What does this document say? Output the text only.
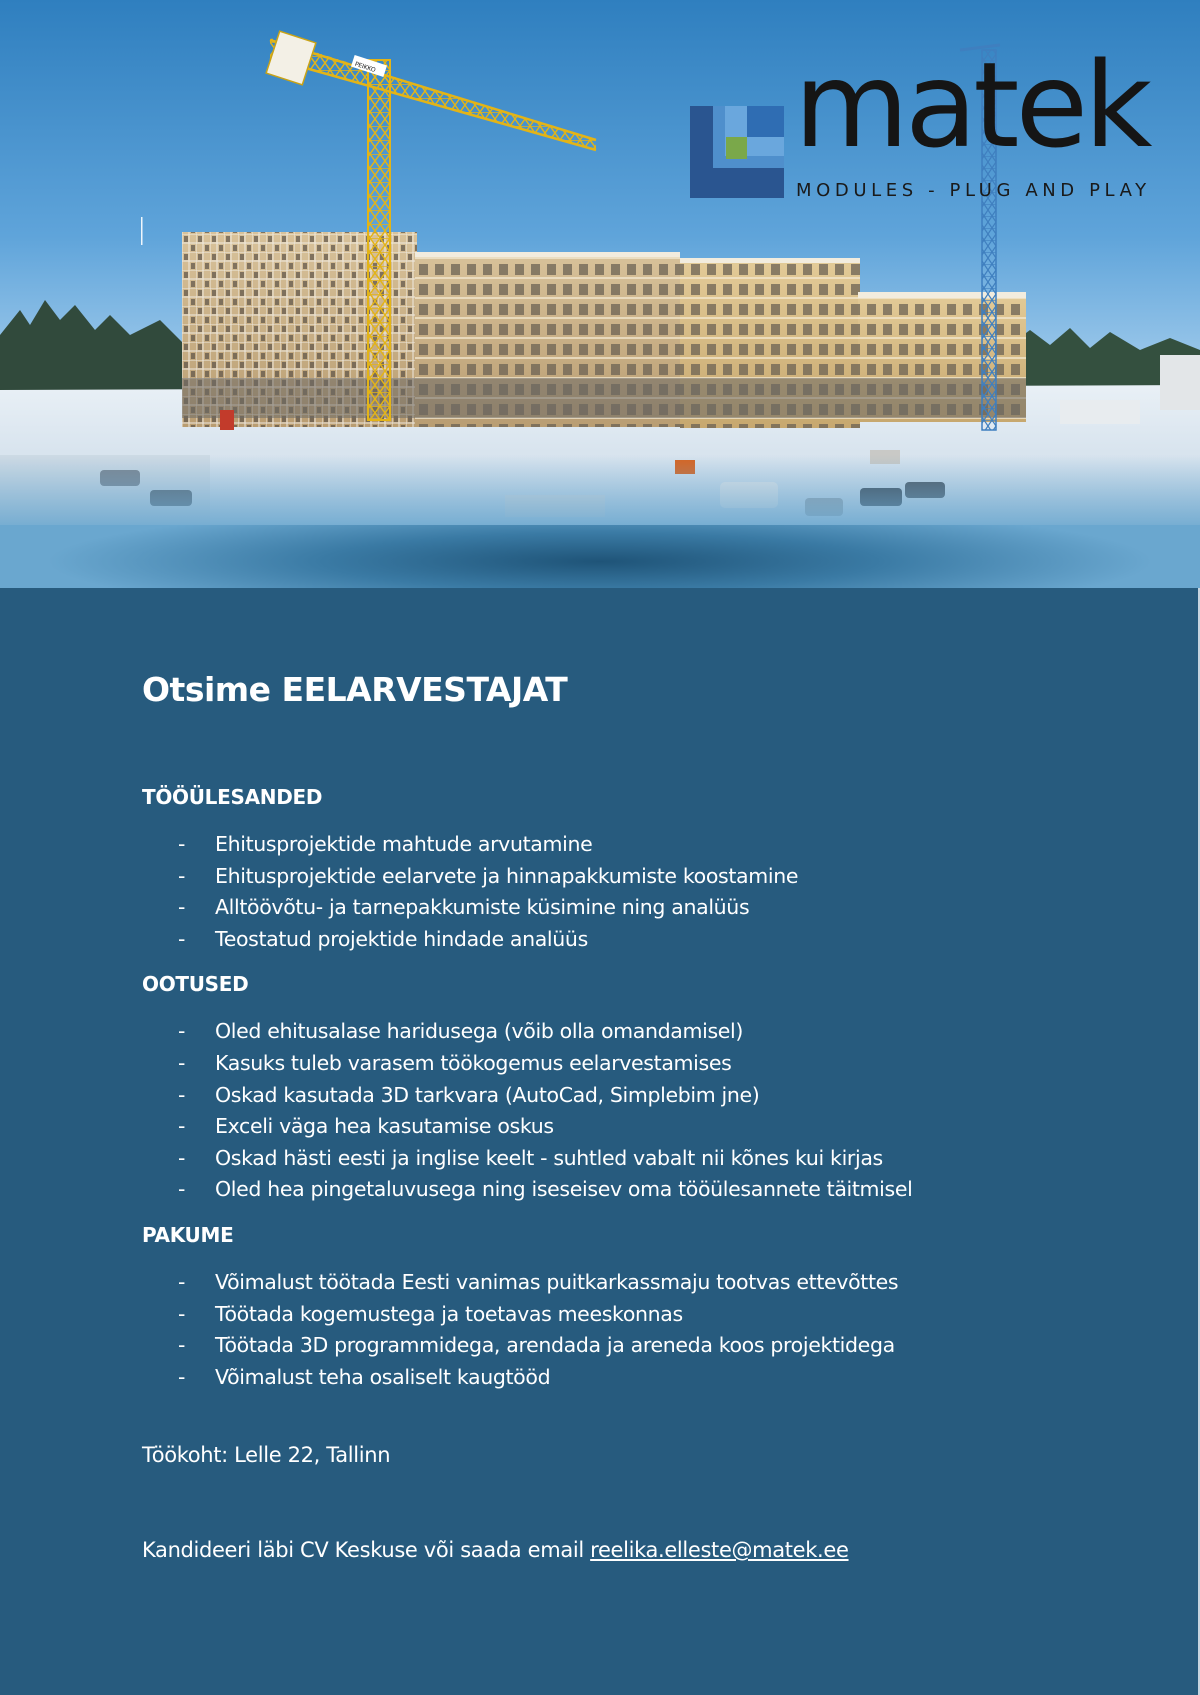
PEIKKO	matek
MODULES - PLUG AND PLAY
Otsime EELARVESTAJAT
TÖÖÜLESANDED
- Ehitusprojektide mahtude arvutamine
- Ehitusprojektide eelarvete ja hinnapakkumiste koostamine
- Alltöövõtu- ja tarnepakkumiste küsimine ning analüüs
- Teostatud projektide hindade analüüs
OOTUSED
- Oled ehitusalase haridusega (võib olla omandamisel)
- Kasuks tuleb varasem töökogemus eelarvestamises
- Oskad kasutada 3D tarkvara (AutoCad, Simplebim jne)
- Exceli väga hea kasutamise oskus
- Oskad hästi eesti ja inglise keelt - suhtled vabalt nii kõnes kui kirjas
- Oled hea pingetaluvusega ning iseseisev oma tööülesannete täitmisel
PAKUME
- Võimalust töötada Eesti vanimas puitkarkassmaju tootvas ettevõttes
- Töötada kogemustega ja toetavas meeskonnas
- Töötada 3D programmidega, arendada ja areneda koos projektidega
- Võimalust teha osaliselt kaugtööd
Töökoht: Lelle 22, Tallinn
Kandideeri läbi CV Keskuse või saada email reelika.elleste@matek.ee
